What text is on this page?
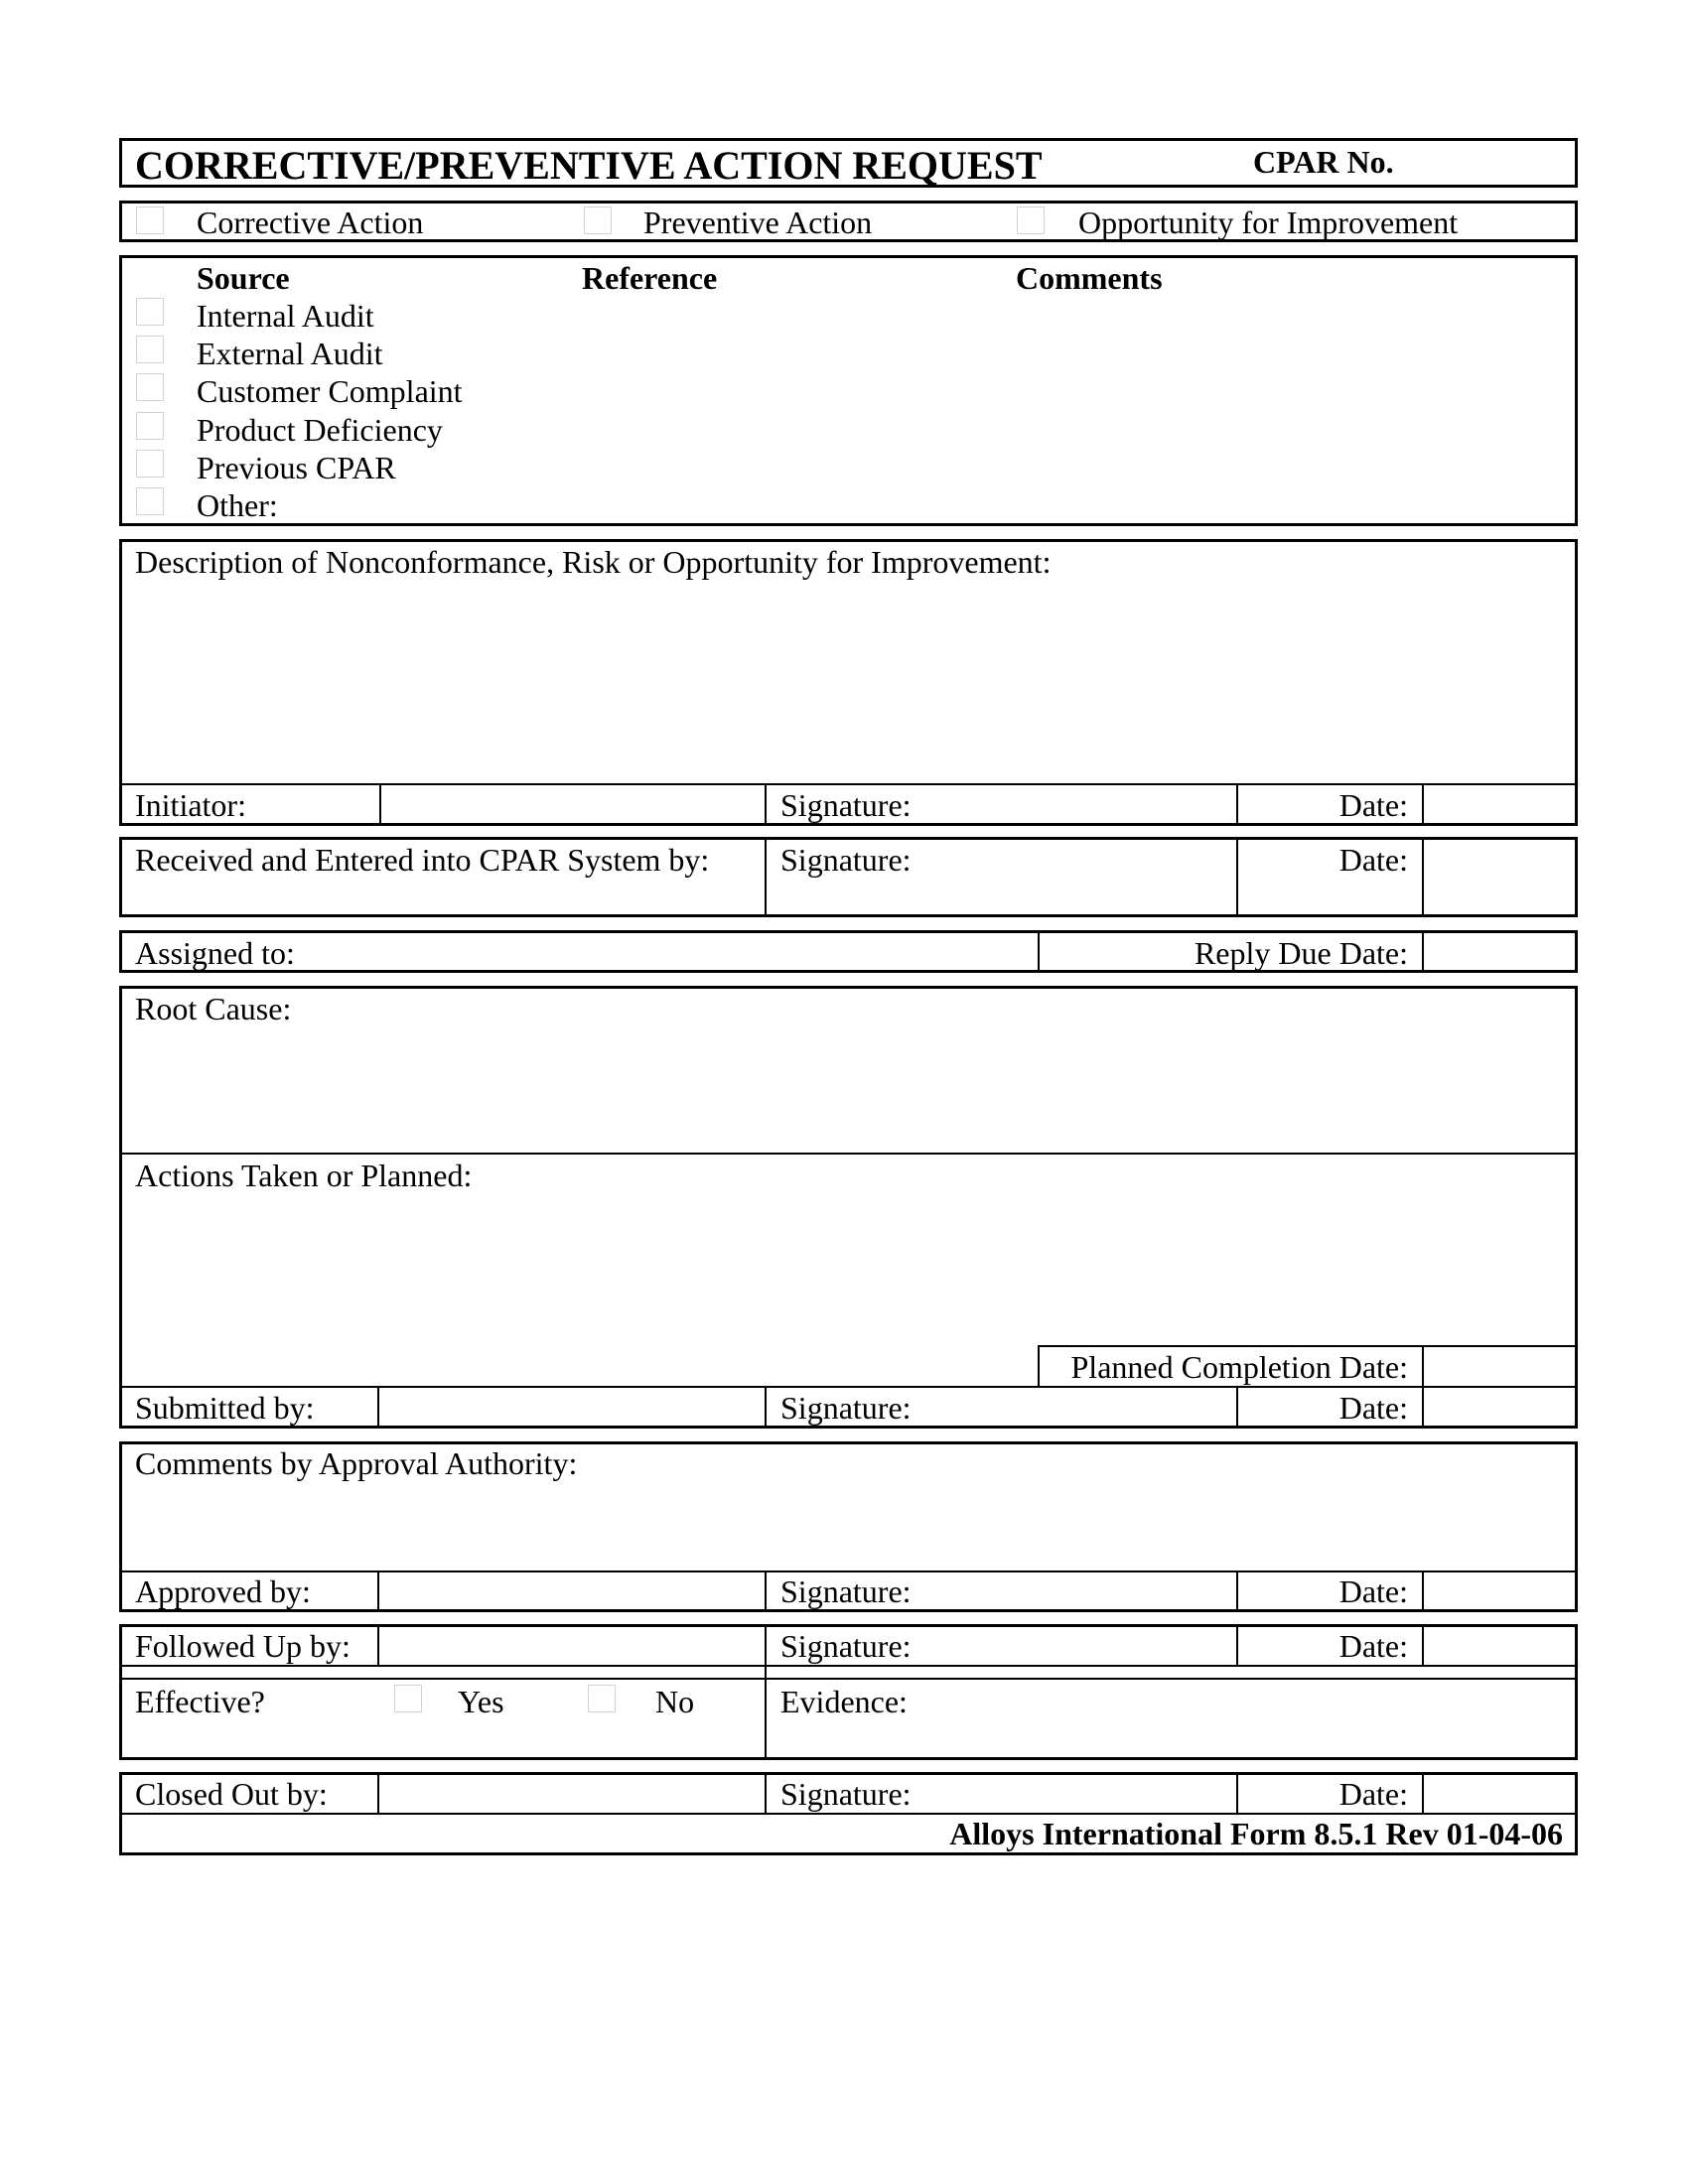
CORRECTIVE/PREVENTIVE ACTION REQUEST	CPAR No.
Corrective Action	Preventive Action	Opportunity for Improvement
Source	Reference	Comments
Internal Audit
External Audit
Customer Complaint
Product Deficiency
Previous CPAR
Other:
Description of Nonconformance, Risk or Opportunity for Improvement:
Initiator:	Signature:	Date:
Received and Entered into CPAR System by: Signature:	Date:
Assigned to:	Reply Due Date:
Root Cause:
Actions Taken or Planned:
Planned Completion Date:
Submitted by:	Signature:	Date:
Comments by Approval Authority:
Approved by:	Signature:	Date:
Followed Up by:	Signature:	Date:
Effective?	Yes	No	Evidence:
Closed Out by:	Signature:	Date:
Alloys International Form 8.5.1 Rev 01-04-06
